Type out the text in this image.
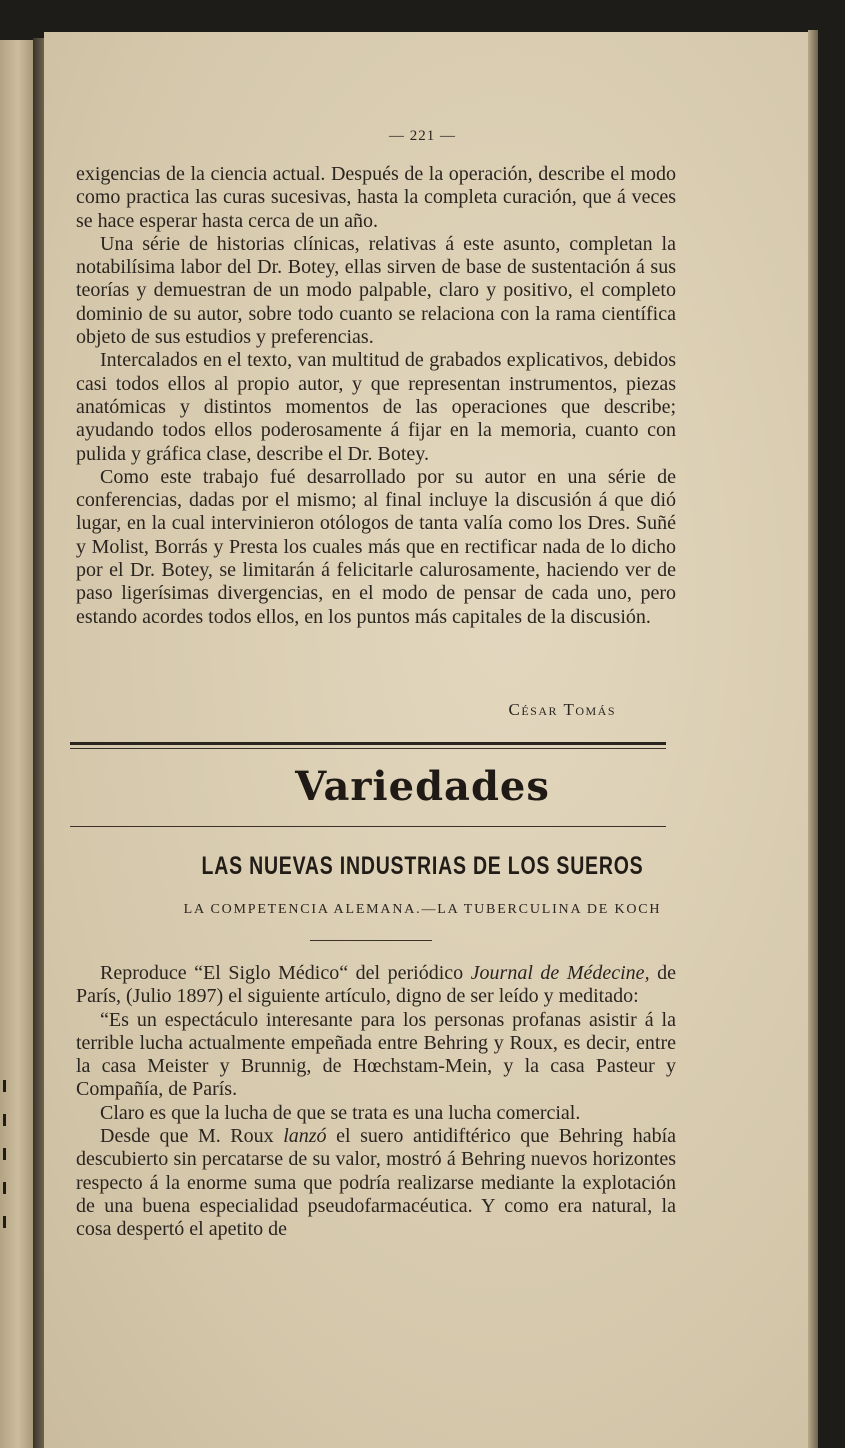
— 221 —

exigencias de la ciencia actual. Después de la operación, describe el modo como practica las curas sucesivas, hasta la completa curación, que á veces se hace esperar hasta cerca de un año.

Una série de historias clínicas, relativas á este asunto, completan la notabilísima labor del Dr. Botey, ellas sirven de base de sustentación á sus teorías y demuestran de un modo palpable, claro y positivo, el completo dominio de su autor, sobre todo cuanto se relaciona con la rama científica objeto de sus estudios y preferencias.

Intercalados en el texto, van multitud de grabados explicativos, debidos casi todos ellos al propio autor, y que representan instrumentos, piezas anatómicas y distintos momentos de las operaciones que describe; ayudando todos ellos poderosamente á fijar en la memoria, cuanto con pulida y gráfica clase, describe el Dr. Botey.

Como este trabajo fué desarrollado por su autor en una série de conferencias, dadas por el mismo; al final incluye la discusión á que dió lugar, en la cual intervinieron otólogos de tanta valía como los Dres. Suñé y Molist, Borrás y Presta los cuales más que en rectificar nada de lo dicho por el Dr. Botey, se limitarán á felicitarle calurosamente, haciendo ver de paso ligerísimas divergencias, en el modo de pensar de cada uno, pero estando acordes todos ellos, en los puntos más capitales de la discusión.

César Tomás
Variedades
LAS NUEVAS INDUSTRIAS DE LOS SUEROS
LA COMPETENCIA ALEMANA.—LA TUBERCULINA DE KOCH

Reproduce “El Siglo Médico“ del periódico Journal de Médecine, de París, (Julio 1897) el siguiente artículo, digno de ser leído y meditado:

“Es un espectáculo interesante para los personas profanas asistir á la terrible lucha actualmente empeñada entre Behring y Roux, es decir, entre la casa Meister y Brunnig, de Hœchstam-Mein, y la casa Pasteur y Compañía, de París.

Claro es que la lucha de que se trata es una lucha comercial.

Desde que M. Roux lanzó el suero antidiftérico que Behring había descubierto sin percatarse de su valor, mostró á Behring nuevos horizontes respecto á la enorme suma que podría realizarse mediante la explotación de una buena especialidad pseudofarmacéutica. Y como era natural, la cosa despertó el apetito de
